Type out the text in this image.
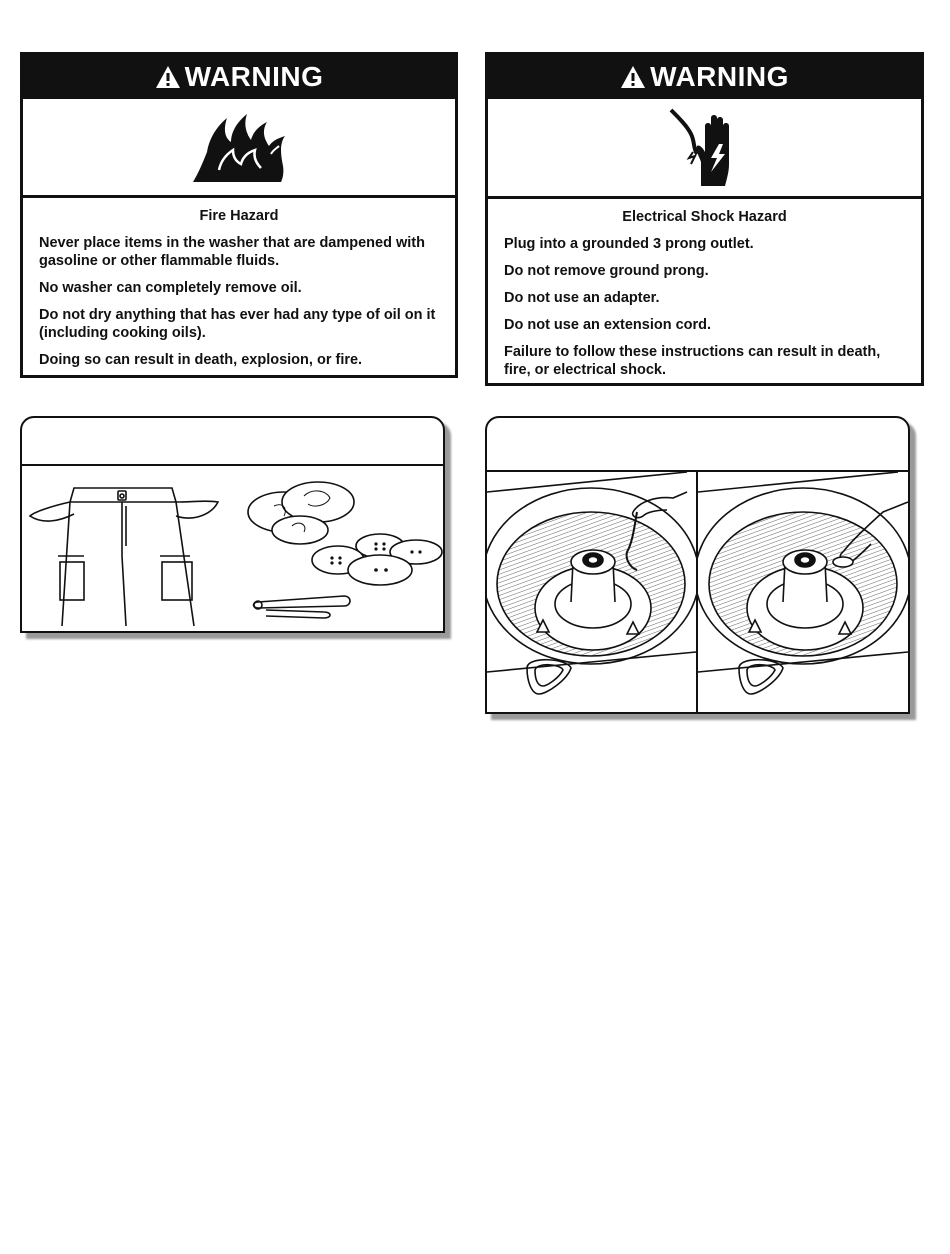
WARNING
Fire Hazard

Never place items in the washer that are dampened with gasoline or other flammable fluids.

No washer can completely remove oil.

Do not dry anything that has ever had any type of oil on it (including cooking oils).

Doing so can result in death, explosion, or fire.

WARNING
Electrical Shock Hazard

Plug into a grounded 3 prong outlet.

Do not remove ground prong.

Do not use an adapter.

Do not use an extension cord.

Failure to follow these instructions can result in death, fire, or electrical shock.
